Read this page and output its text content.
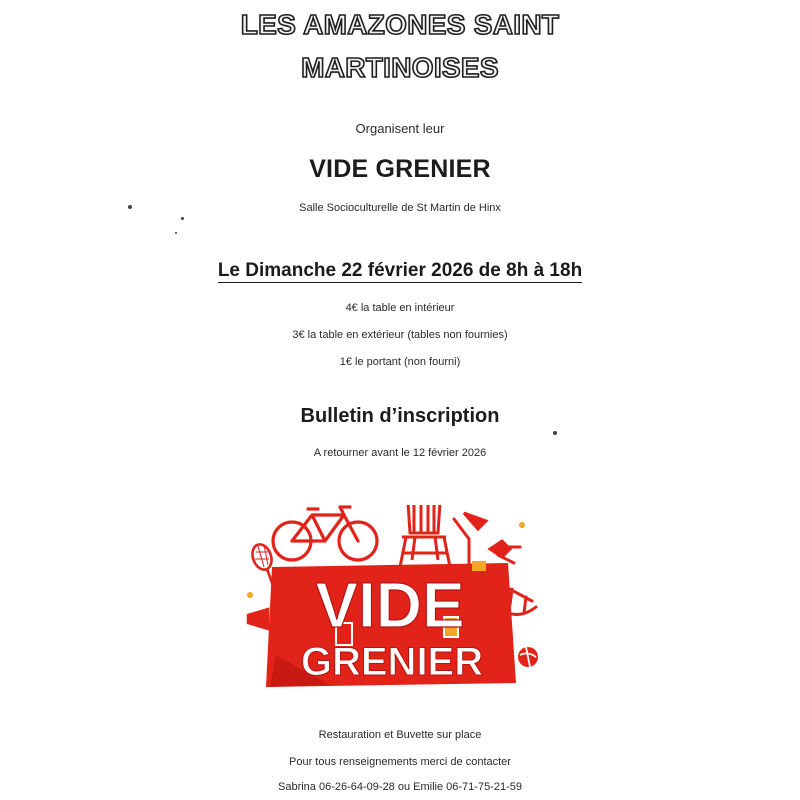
LES AMAZONES SAINT
MARTINOISES
Organisent leur
VIDE GRENIER
Salle Socioculturelle de St Martin de Hinx
Le Dimanche 22 février 2026 de 8h à 18h
4€ la table en intérieur
3€ la table en extérieur (tables non fournies)
1€ le portant (non fourni)
Bulletin d’inscription
A retourner avant le 12 février 2026
VIDE
GRENIER
Restauration et Buvette sur place
Pour tous renseignements merci de contacter
Sabrina 06-26-64-09-28 ou Emilie 06-71-75-21-59
